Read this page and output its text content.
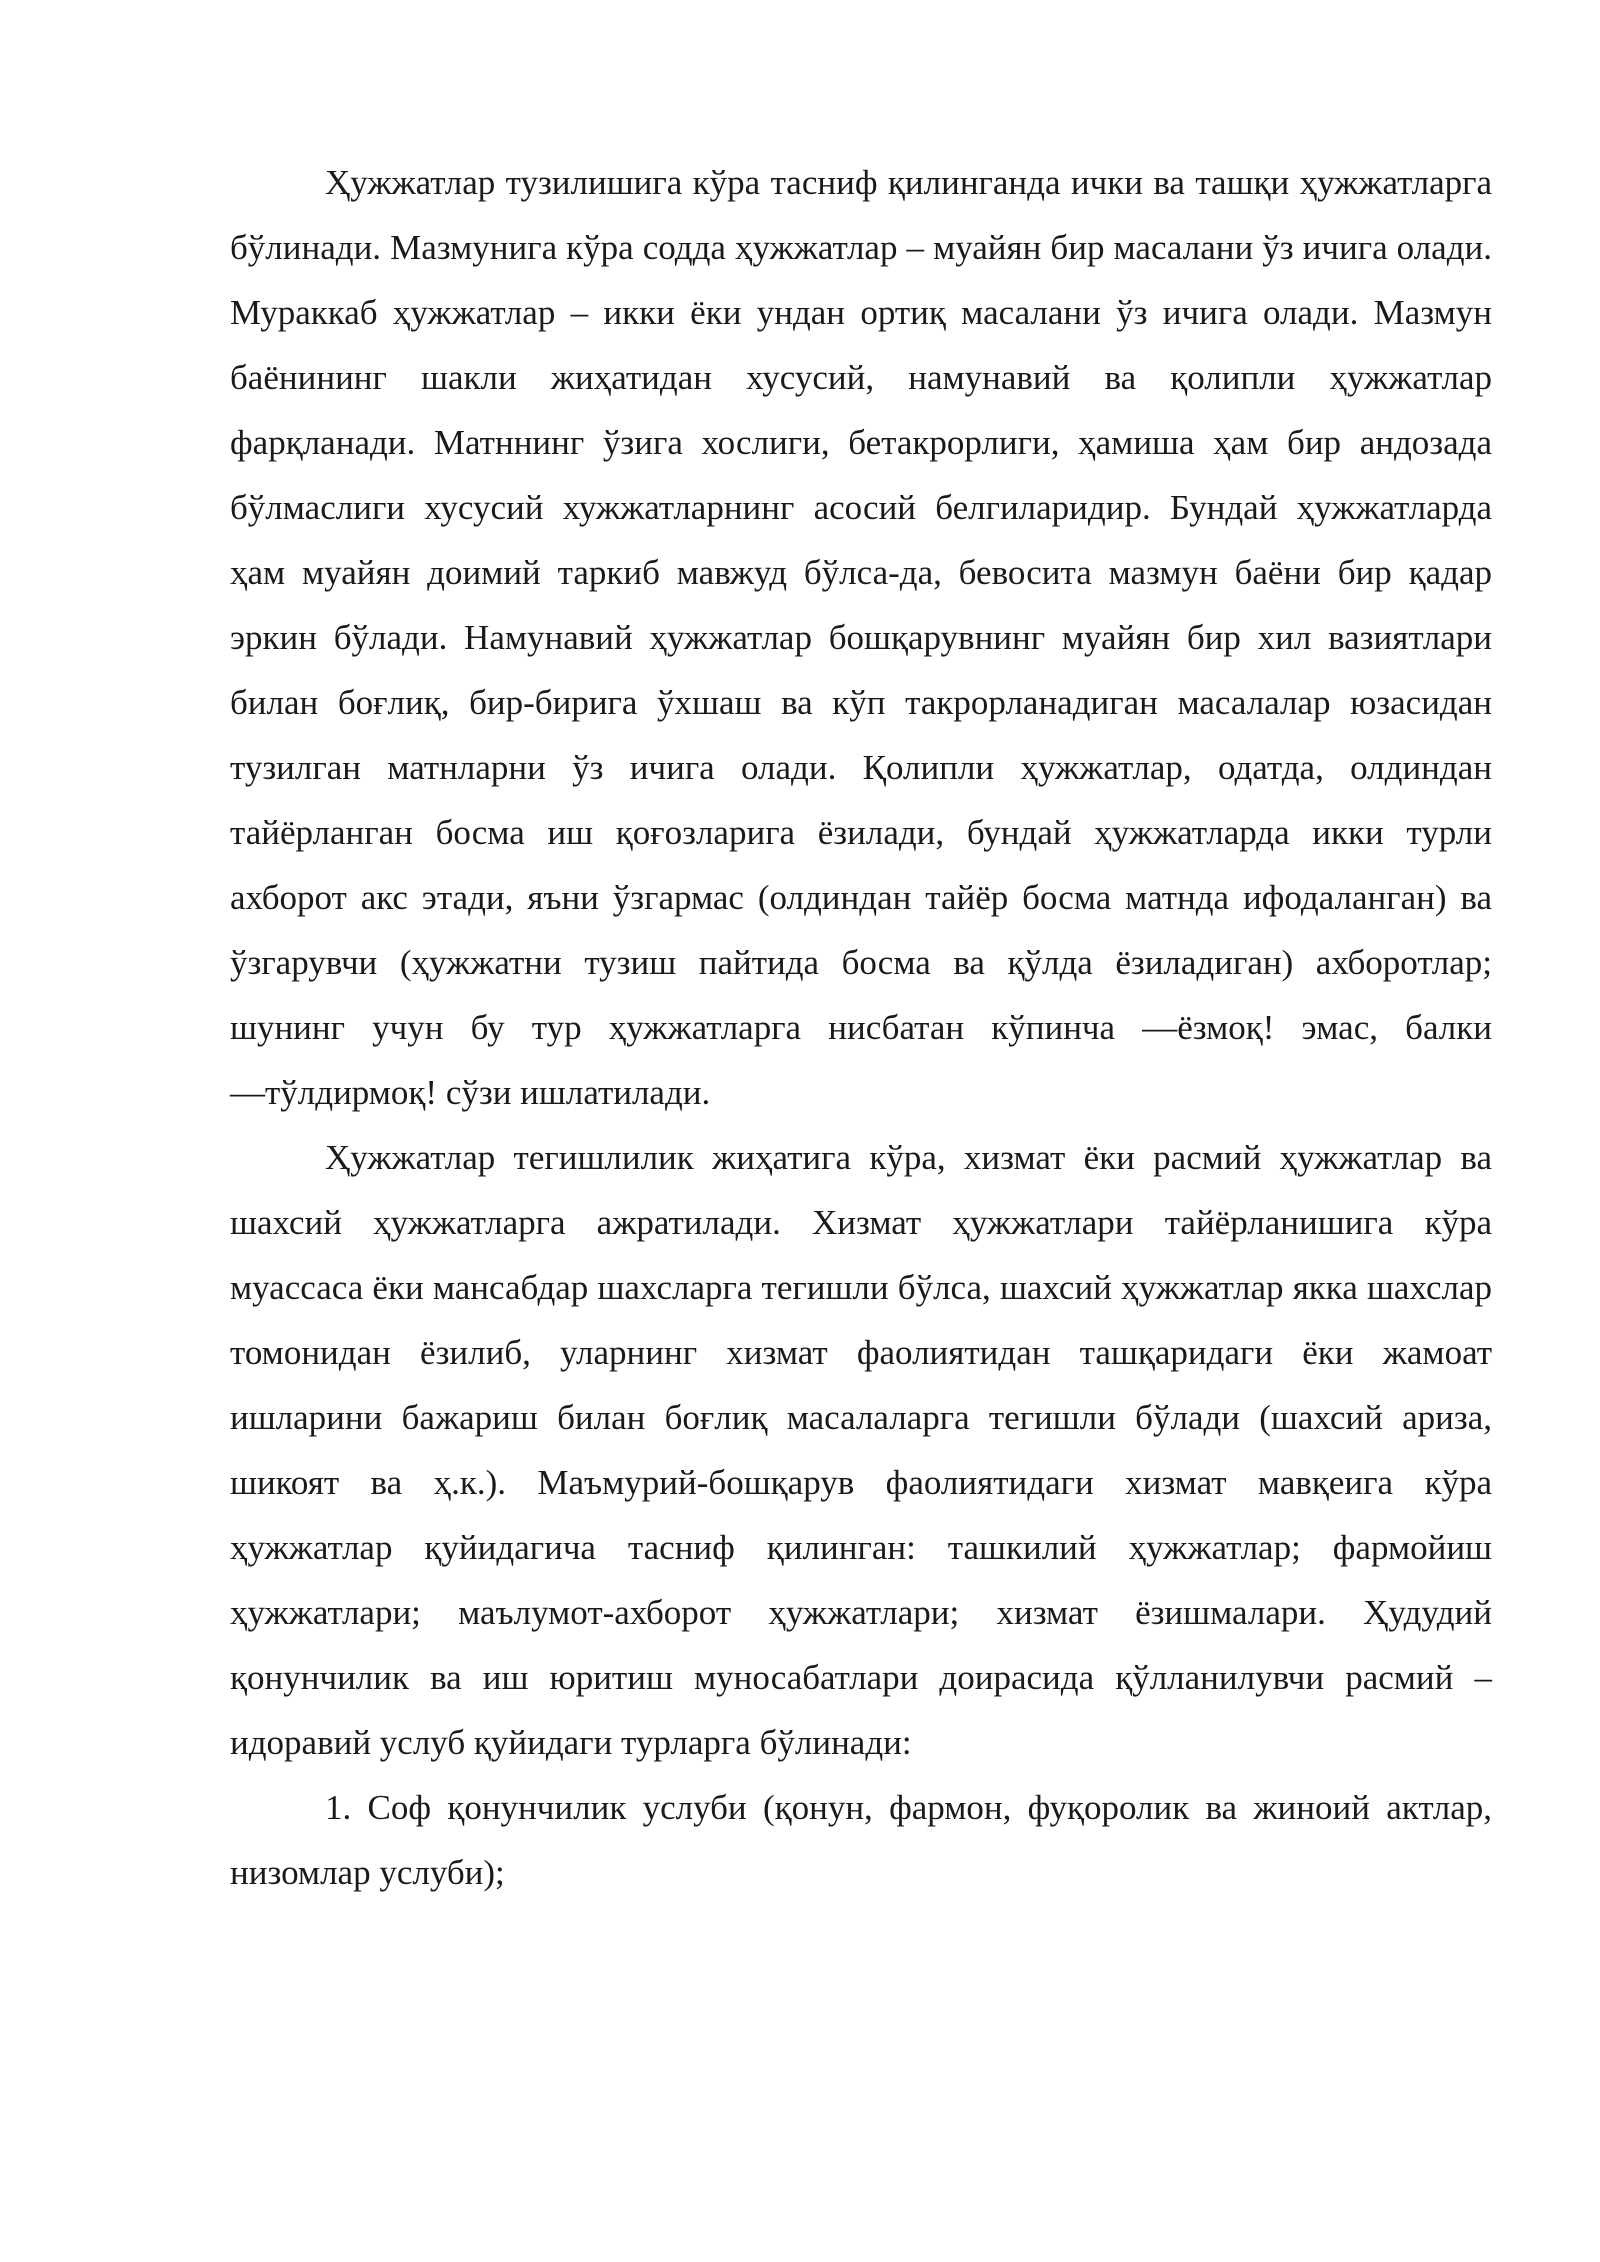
Ҳужжатлар тузилишига кўра тасниф қилинганда ички ва ташқи ҳужжатларга бўлинади. Мазмунига кўра содда ҳужжатлар – муайян бир масалани ўз ичига олади. Мураккаб ҳужжатлар – икки ёки ундан ортиқ масалани ўз ичига олади. Мазмун баёнининг шакли жиҳатидан хусусий, намунавий ва қолипли ҳужжатлар фарқланади. Матннинг ўзига хослиги, бетакрорлиги, ҳамиша ҳам бир андозада бўлмаслиги хусусий хужжатларнинг асосий белгиларидир. Бундай ҳужжатларда ҳам муайян доимий таркиб мавжуд бўлса-да, бевосита мазмун баёни бир қадар эркин бўлади. Намунавий ҳужжатлар бошқарувнинг муайян бир хил вазиятлари билан боғлиқ, бир-бирига ўхшаш ва кўп такрорланадиган масалалар юзасидан тузилган матнларни ўз ичига олади. Қолипли ҳужжатлар, одатда, олдиндан тайёрланган босма иш қоғозларига ёзилади, бундай ҳужжатларда икки турли ахборот акс этади, яъни ўзгармас (олдиндан тайёр босма матнда ифодаланган) ва ўзгарувчи (ҳужжатни тузиш пайтида босма ва қўлда ёзиладиган) ахборотлар; шунинг учун бу тур ҳужжатларга нисбатан кўпинча ―ёзмоқ! эмас, балки ―тўлдирмоқ! сўзи ишлатилади.

Ҳужжатлар тегишлилик жиҳатига кўра, хизмат ёки расмий ҳужжатлар ва шахсий ҳужжатларга ажратилади. Хизмат ҳужжатлари тайёрланишига кўра муассаса ёки мансабдар шахсларга тегишли бўлса, шахсий ҳужжатлар якка шахслар томонидан ёзилиб, уларнинг хизмат фаолиятидан ташқаридаги ёки жамоат ишларини бажариш билан боғлиқ масалаларга тегишли бўлади (шахсий ариза, шикоят ва ҳ.к.). Маъмурий-бошқарув фаолиятидаги хизмат мавқеига кўра ҳужжатлар қуйидагича тасниф қилинган: ташкилий ҳужжатлар; фармойиш ҳужжатлари; маълумот-ахборот ҳужжатлари; хизмат ёзишмалари. Ҳудудий қонунчилик ва иш юритиш муносабатлари доирасида қўлланилувчи расмий – идоравий услуб қуйидаги турларга бўлинади:

1. Соф қонунчилик услуби (қонун, фармон, фуқоролик ва жиноий актлар, низомлар услуби);
